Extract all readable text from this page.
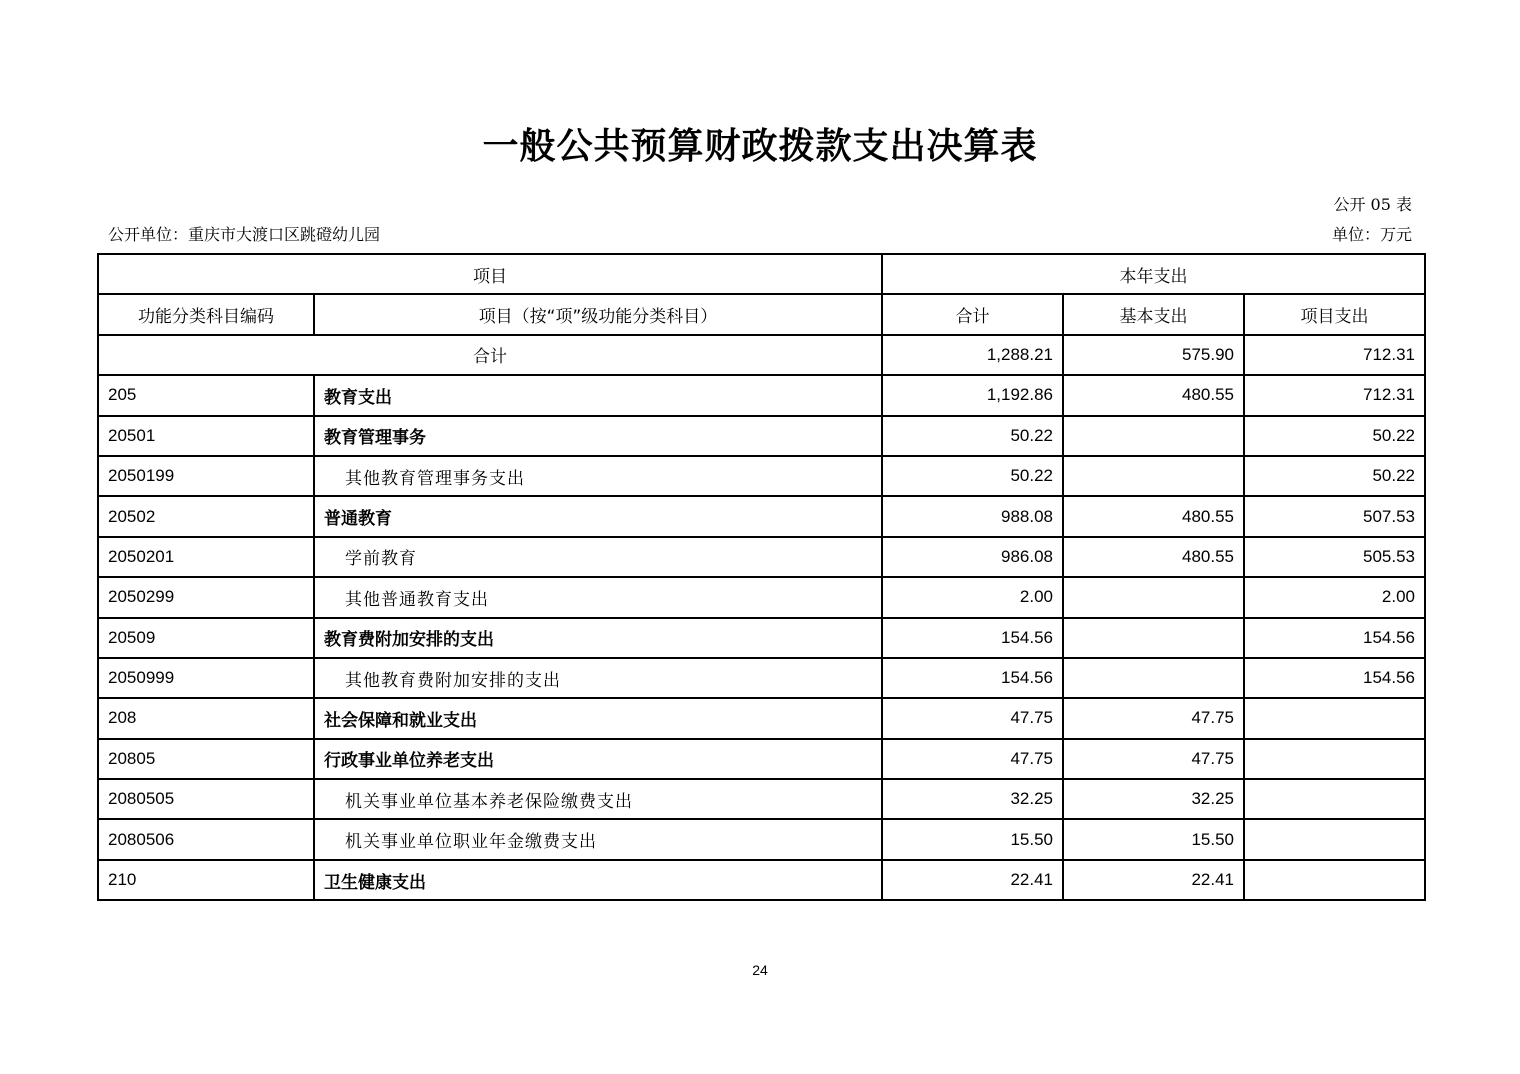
一般公共预算财政拨款支出决算表
公开 05 表
公开单位：重庆市大渡口区跳磴幼儿园	单位：万元
项目		本年支出		
功能分类科目编码	项目（按“项”级功能分类科目）	合计	基本支出	项目支出
合计		1,288.21	575.90	712.31
205	教育支出	1,192.86	480.55	712.31
20501	教育管理事务	50.22		50.22
2050199	其他教育管理事务支出	50.22		50.22
20502	普通教育	988.08	480.55	507.53
2050201	学前教育	986.08	480.55	505.53
2050299	其他普通教育支出	2.00		2.00
20509	教育费附加安排的支出	154.56		154.56
2050999	其他教育费附加安排的支出	154.56		154.56
208	社会保障和就业支出	47.75	47.75	
20805	行政事业单位养老支出	47.75	47.75	
2080505	机关事业单位基本养老保险缴费支出	32.25	32.25	
2080506	机关事业单位职业年金缴费支出	15.50	15.50	
210	卫生健康支出	22.41	22.41	
24
